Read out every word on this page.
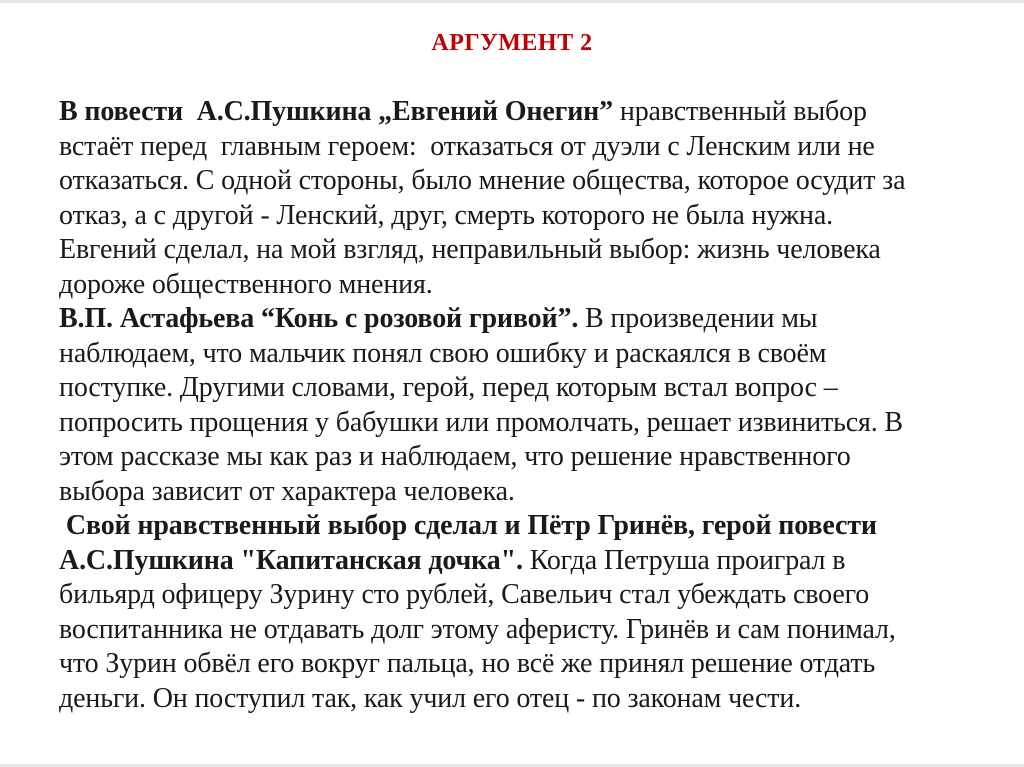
АРГУМЕНТ 2
В повести  А.С.Пушкина „Евгений Онегин” нравственный выбор
встаёт перед  главным героем:  отказаться от дуэли с Ленским или не
отказаться. С одной стороны, было мнение общества, которое осудит за
отказ, а с другой - Ленский, друг, смерть которого не была нужна.
Евгений сделал, на мой взгляд, неправильный выбор: жизнь человека
дороже общественного мнения.
В.П. Астафьева “Конь с розовой гривой”. В произведении мы
наблюдаем, что мальчик понял свою ошибку и раскаялся в своём
поступке. Другими словами, герой, перед которым встал вопрос –
попросить прощения у бабушки или промолчать, решает извиниться. В
этом рассказе мы как раз и наблюдаем, что решение нравственного
выбора зависит от характера человека.
Свой нравственный выбор сделал и Пётр Гринёв, герой повести
А.С.Пушкина "Капитанская дочка". Когда Петруша проиграл в
бильярд офицеру Зурину сто рублей, Савельич стал убеждать своего
воспитанника не отдавать долг этому аферисту. Гринёв и сам понимал,
что Зурин обвёл его вокруг пальца, но всё же принял решение отдать
деньги. Он поступил так, как учил его отец - по законам чести.
